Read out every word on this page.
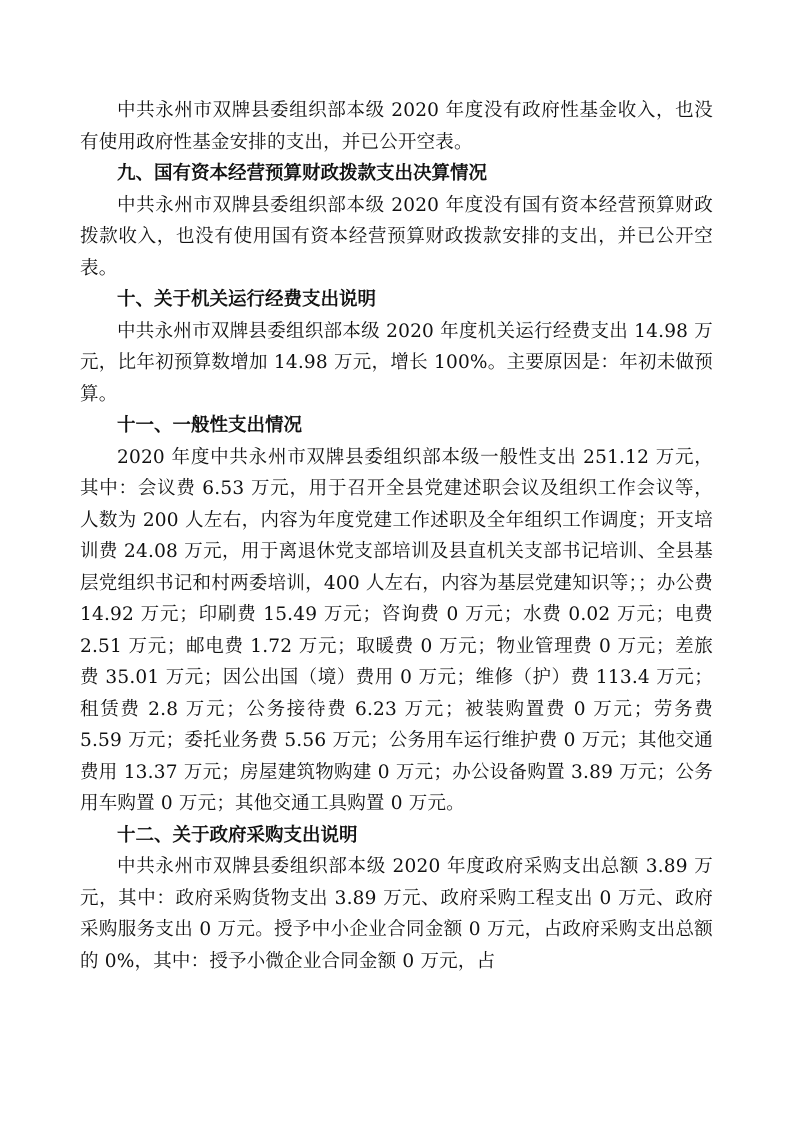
中共永州市双牌县委组织部本级 2020 年度没有政府性基金收入，也没有使用政府性基金安排的支出，并已公开空表。

九、国有资本经营预算财政拨款支出决算情况

中共永州市双牌县委组织部本级 2020 年度没有国有资本经营预算财政拨款收入，也没有使用国有资本经营预算财政拨款安排的支出，并已公开空表。

十、关于机关运行经费支出说明

中共永州市双牌县委组织部本级 2020 年度机关运行经费支出 14.98 万元，比年初预算数增加 14.98 万元，增长 100%。主要原因是：年初未做预算。

十一、一般性支出情况

2020 年度中共永州市双牌县委组织部本级一般性支出 251.12 万元，其中：会议费 6.53 万元，用于召开全县党建述职会议及组织工作会议等，人数为 200 人左右，内容为年度党建工作述职及全年组织工作调度；开支培训费 24.08 万元，用于离退休党支部培训及县直机关支部书记培训、全县基层党组织书记和村两委培训，400 人左右，内容为基层党建知识等；；办公费 14.92 万元；印刷费 15.49 万元；咨询费 0 万元；水费 0.02 万元；电费 2.51 万元；邮电费 1.72 万元；取暖费 0 万元；物业管理费 0 万元；差旅费 35.01 万元；因公出国（境）费用 0 万元；维修（护）费 113.4 万元；租赁费 2.8 万元；公务接待费 6.23 万元；被装购置费 0 万元；劳务费 5.59 万元；委托业务费 5.56 万元；公务用车运行维护费 0 万元；其他交通费用 13.37 万元；房屋建筑物购建 0 万元；办公设备购置 3.89 万元；公务用车购置 0 万元；其他交通工具购置 0 万元。

十二、关于政府采购支出说明

中共永州市双牌县委组织部本级 2020 年度政府采购支出总额 3.89 万元，其中：政府采购货物支出 3.89 万元、政府采购工程支出 0 万元、政府采购服务支出 0 万元。授予中小企业合同金额 0 万元，占政府采购支出总额的 0%，其中：授予小微企业合同金额 0 万元，占
